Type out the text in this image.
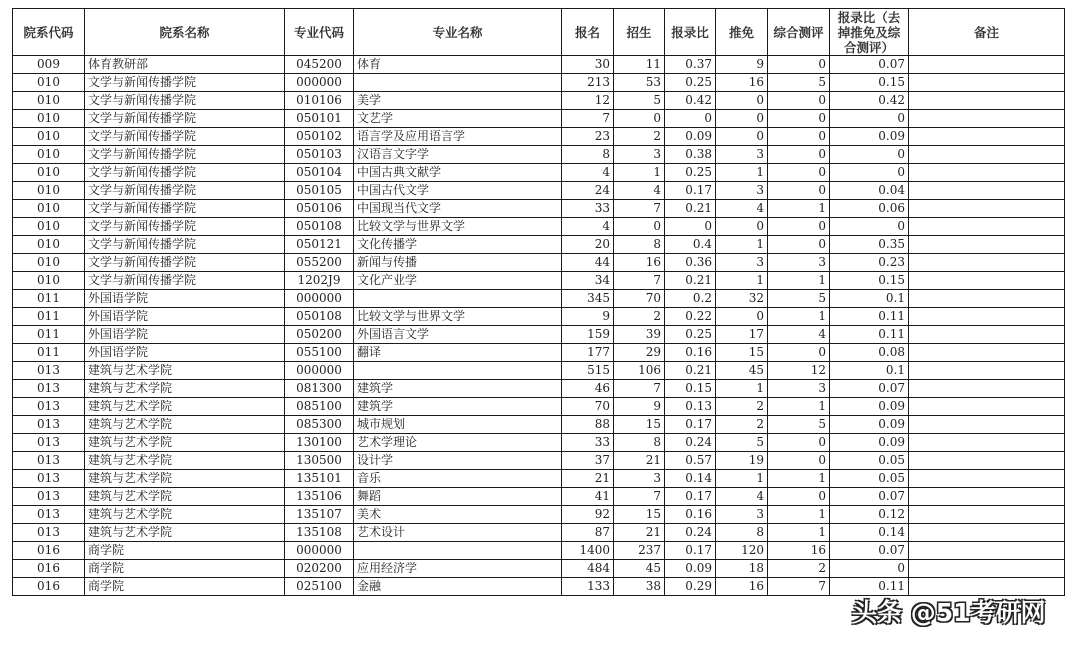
院系代码	院系名称	专业代码	专业名称	报名	招生	报录比	推免	综合测评	报录比（去掉推免及综合测评）	备注
009	体育教研部	045200	体育	30	11	0.37	9	0	0.07	
010	文学与新闻传播学院	000000		213	53	0.25	16	5	0.15	
010	文学与新闻传播学院	010106	美学	12	5	0.42	0	0	0.42	
010	文学与新闻传播学院	050101	文艺学	7	0	0	0	0	0	
010	文学与新闻传播学院	050102	语言学及应用语言学	23	2	0.09	0	0	0.09	
010	文学与新闻传播学院	050103	汉语言文字学	8	3	0.38	3	0	0	
010	文学与新闻传播学院	050104	中国古典文献学	4	1	0.25	1	0	0	
010	文学与新闻传播学院	050105	中国古代文学	24	4	0.17	3	0	0.04	
010	文学与新闻传播学院	050106	中国现当代文学	33	7	0.21	4	1	0.06	
010	文学与新闻传播学院	050108	比较文学与世界文学	4	0	0	0	0	0	
010	文学与新闻传播学院	050121	文化传播学	20	8	0.4	1	0	0.35	
010	文学与新闻传播学院	055200	新闻与传播	44	16	0.36	3	3	0.23	
010	文学与新闻传播学院	1202J9	文化产业学	34	7	0.21	1	1	0.15	
011	外国语学院	000000		345	70	0.2	32	5	0.1	
011	外国语学院	050108	比较文学与世界文学	9	2	0.22	0	1	0.11	
011	外国语学院	050200	外国语言文学	159	39	0.25	17	4	0.11	
011	外国语学院	055100	翻译	177	29	0.16	15	0	0.08	
013	建筑与艺术学院	000000		515	106	0.21	45	12	0.1	
013	建筑与艺术学院	081300	建筑学	46	7	0.15	1	3	0.07	
013	建筑与艺术学院	085100	建筑学	70	9	0.13	2	1	0.09	
013	建筑与艺术学院	085300	城市规划	88	15	0.17	2	5	0.09	
013	建筑与艺术学院	130100	艺术学理论	33	8	0.24	5	0	0.09	
013	建筑与艺术学院	130500	设计学	37	21	0.57	19	0	0.05	
013	建筑与艺术学院	135101	音乐	21	3	0.14	1	1	0.05	
013	建筑与艺术学院	135106	舞蹈	41	7	0.17	4	0	0.07	
013	建筑与艺术学院	135107	美术	92	15	0.16	3	1	0.12	
013	建筑与艺术学院	135108	艺术设计	87	21	0.24	8	1	0.14	
016	商学院	000000		1400	237	0.17	120	16	0.07	
016	商学院	020200	应用经济学	484	45	0.09	18	2	0	
016	商学院	025100	金融	133	38	0.29	16	7	0.11	
头条 @51考研网
